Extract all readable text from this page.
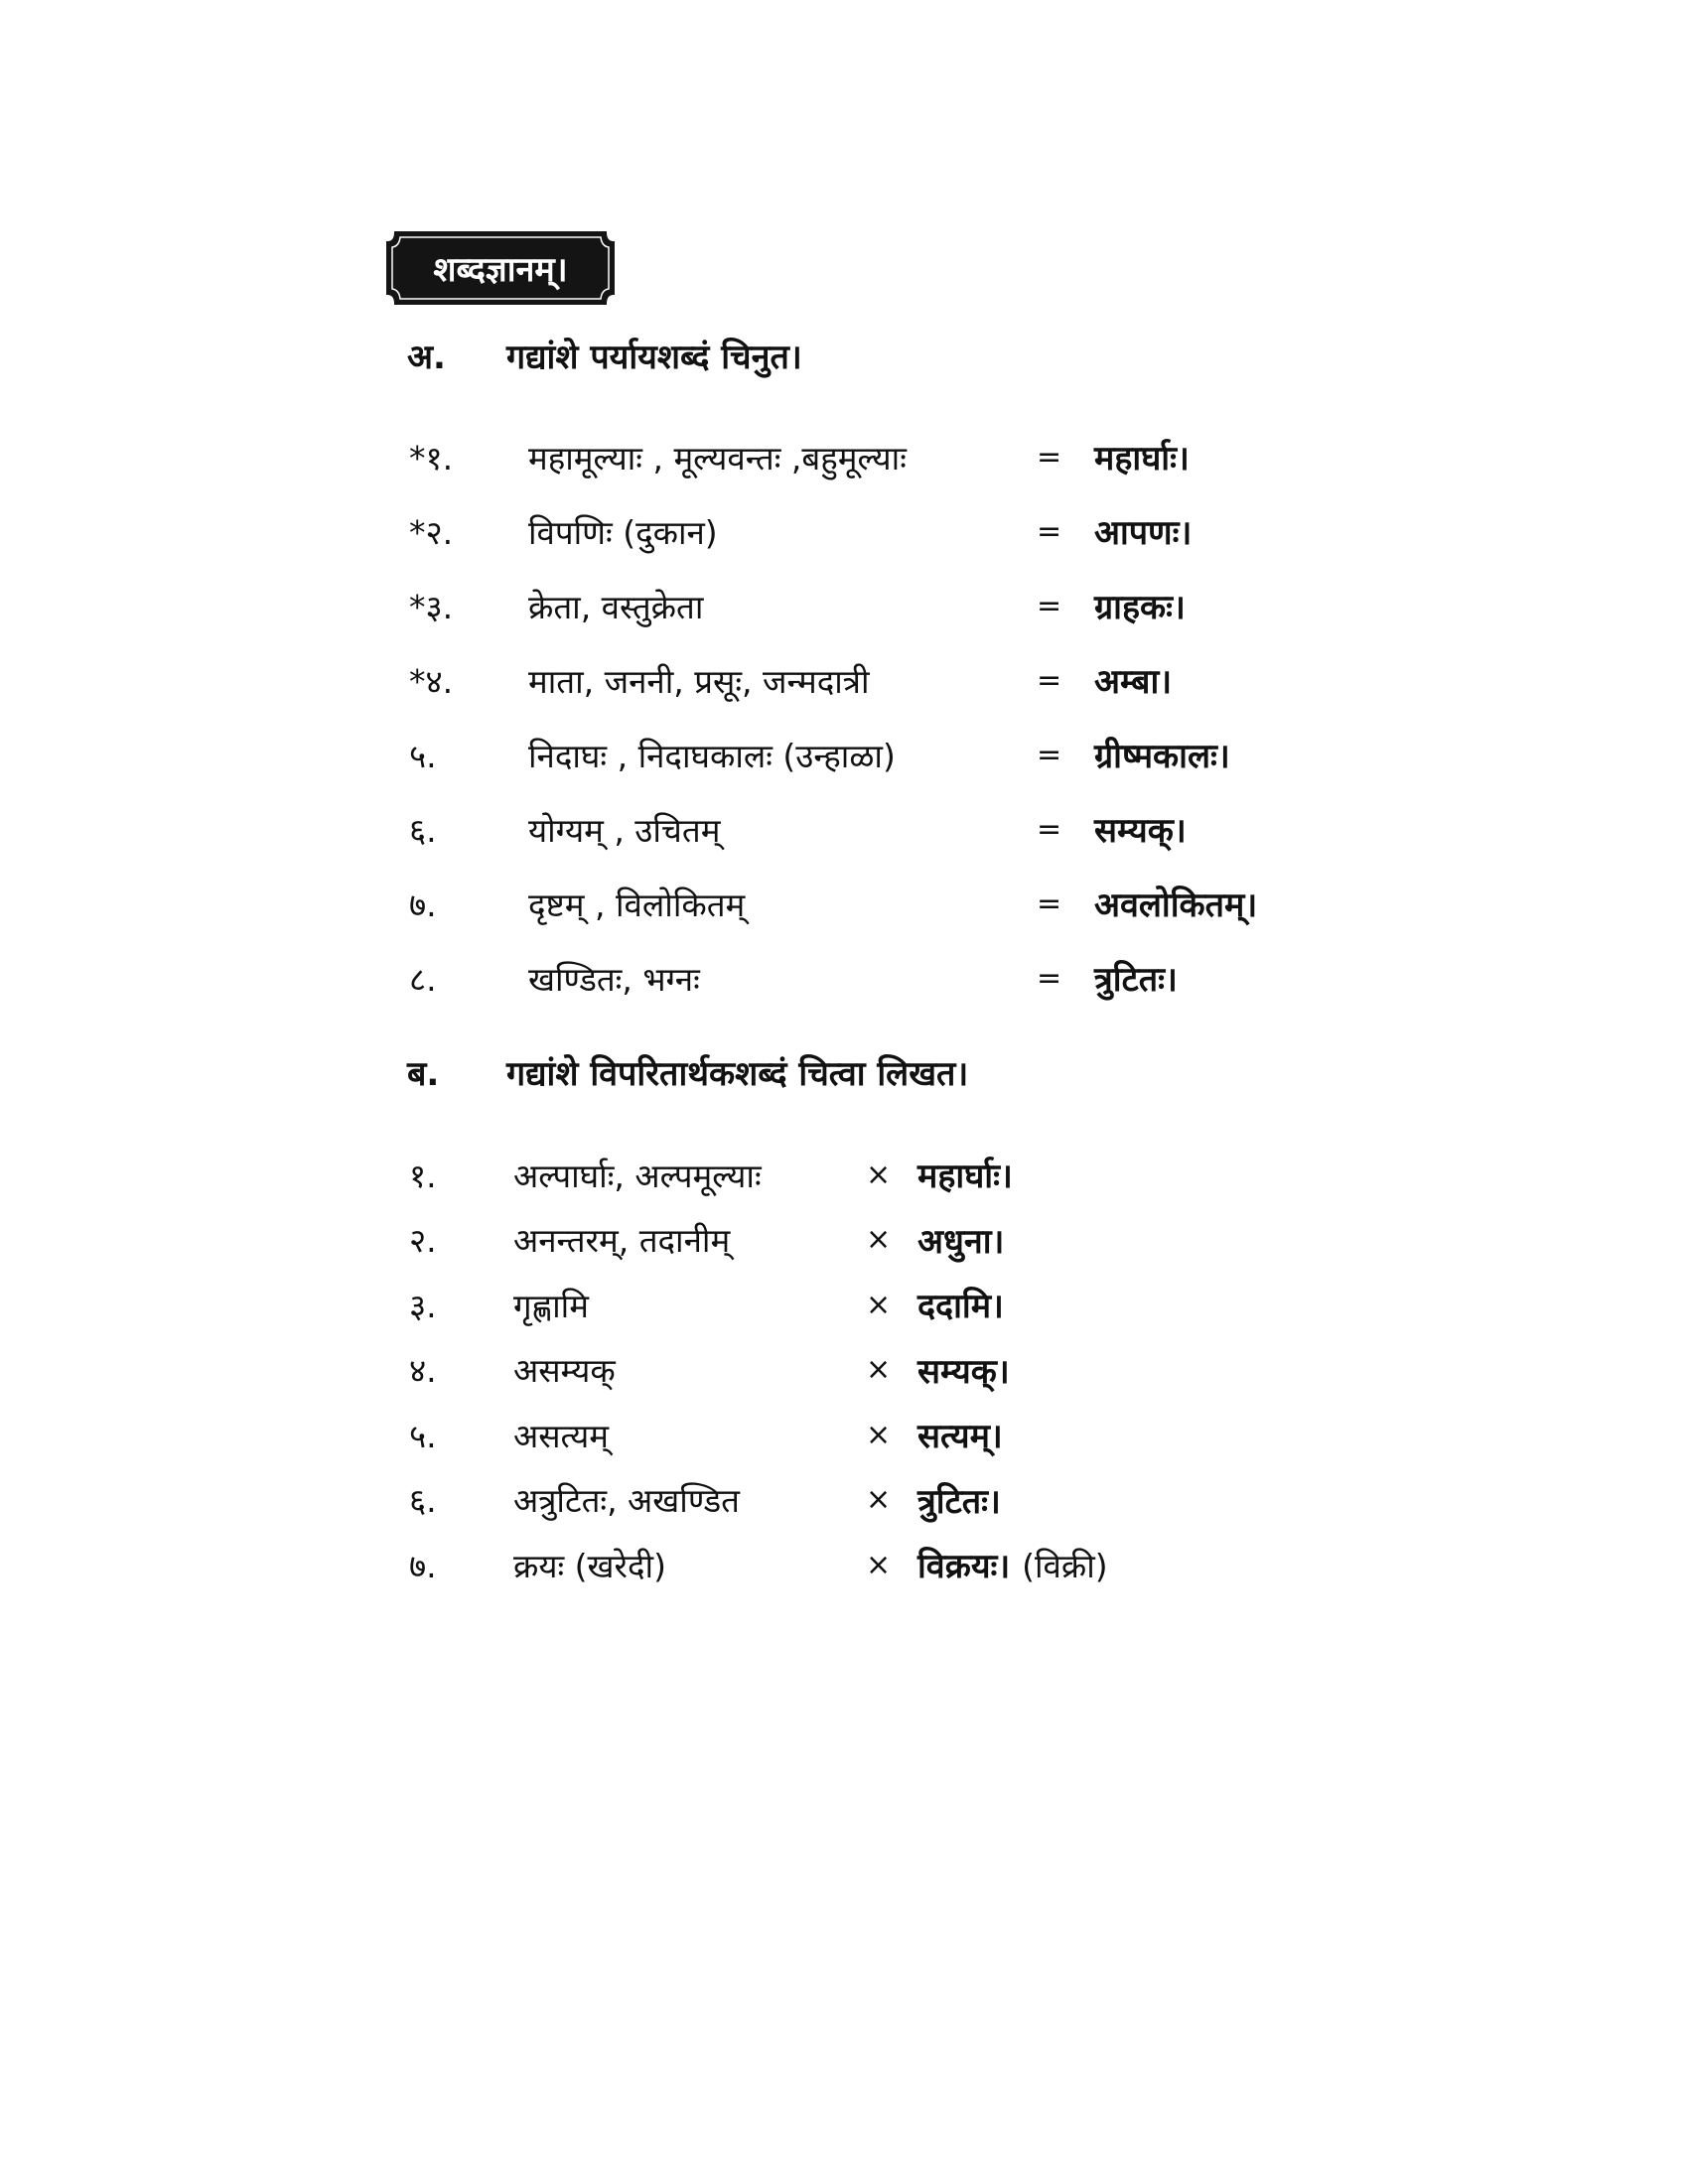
शब्दज्ञानम्।
अ.	गद्यांशे पर्यायशब्दं चिनुत।
*१.	महामूल्याः , मूल्यवन्तः ,बहुमूल्याः	= महार्घाः।
*२.	विपणिः (दुकान)	= आपणः।
*३.	क्रेता, वस्तुक्रेता	= ग्राहकः।
*४.	माता, जननी, प्रसूः, जन्मदात्री	= अम्बा।
५.	निदाघः , निदाघकालः (उन्हाळा)	= ग्रीष्मकालः।
६.	योग्यम् , उचितम्	= सम्यक्।
७.	दृष्टम् , विलोकितम्	= अवलोकितम्।
८.	खण्डितः, भग्नः	= त्रुटितः।
ब.	गद्यांशे विपरितार्थकशब्दं चित्वा लिखत।
१.	अल्पार्घाः, अल्पमूल्याः	× महार्घाः।
२.	अनन्तरम्, तदानीम्	× अधुना।
३.	गृह्णामि	× ददामि।
४.	असम्यक्	× सम्यक्।
५.	असत्यम्	× सत्यम्।
६.	अत्रुटितः, अखण्डित	× त्रुटितः।
७.	क्रयः (खरेदी)	× विक्रयः। (विक्री)
